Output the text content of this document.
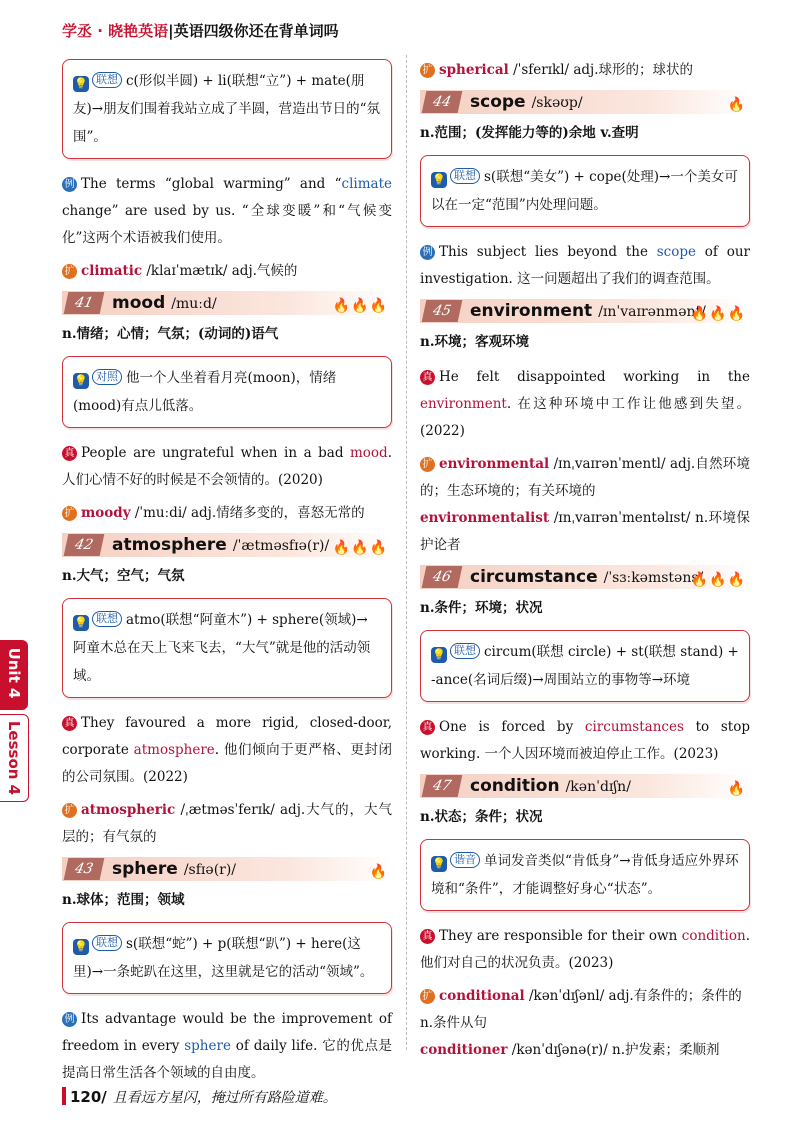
学丞 · 晓艳英语|英语四级你还在背单词吗
💡 联想 c(形似半圆) + li(联想“立”) + mate(朋友)→朋友们围着我站立成了半圆，营造出节日的“氛围”。
例 The terms “global warming” and “climate change” are used by us. “全球变暖”和“气候变化”这两个术语被我们使用。
扩 climatic /klaɪˈmætɪk/ adj.气候的
41	mood /muːd/	🔥🔥🔥
n.情绪；心情；气氛；(动词的)语气
💡 对照 他一个人坐着看月亮(moon)，情绪(mood)有点儿低落。
真 People are ungrateful when in a bad mood. 人们心情不好的时候是不会领情的。(2020)
扩 moody /ˈmuːdi/ adj.情绪多变的，喜怒无常的
42	atmosphere /ˈætməsfɪə(r)/ 🔥🔥🔥
n.大气；空气；气氛
💡 联想 atmo(联想“阿童木”) + sphere(领域)→阿童木总在天上飞来飞去，“大气”就是他的活动领域。
真 They favoured a more rigid, closed-door, corporate atmosphere. 他们倾向于更严格、更封闭的公司氛围。(2022)
扩 atmospheric /ˌætməsˈferɪk/ adj.大气的，大气层的；有气氛的
43	sphere /sfɪə(r)/	🔥
n.球体；范围；领域
💡 联想 s(联想“蛇”) + p(联想“趴”) + here(这里)→一条蛇趴在这里，这里就是它的活动“领域”。
例 Its advantage would be the improvement of freedom in every sphere of daily life. 它的优点是提高日常生活各个领域的自由度。
扩 spherical /ˈsferɪkl/ adj.球形的；球状的
44	scope /skəʊp/	🔥
n.范围；(发挥能力等的)余地 v.查明
💡 联想 s(联想“美女”) + cope(处理)→一个美女可以在一定“范围”内处理问题。
例 This subject lies beyond the scope of our investigation. 这一问题超出了我们的调查范围。
45	environment /ɪnˈvaɪrənmənt/
🔥🔥🔥
n.环境；客观环境
真 He felt disappointed working in the environment. 在这种环境中工作让他感到失望。(2022)
扩 environmental /ɪnˌvaɪrənˈmentl/ adj.自然环境的；生态环境的；有关环境的
environmentalist /ɪnˌvaɪrənˈmentəlɪst/ n.环境保护论者
46	circumstance /ˈsɜːkəmstəns/
🔥🔥🔥
n.条件；环境；状况
💡 联想 circum(联想 circle) + st(联想 stand) + -ance(名词后缀)→周围站立的事物等→环境
真 One is forced by circumstances to stop working. 一个人因环境而被迫停止工作。(2023)
47	condition /kənˈdɪʃn/	🔥
n.状态；条件；状况
💡 谐音 单词发音类似“肯低身”→肯低身适应外界环境和“条件”，才能调整好身心“状态”。
真 They are responsible for their own condition. 他们对自己的状况负责。(2023)
扩 conditional /kənˈdɪʃənl/ adj.有条件的；条件的
n.条件从句
conditioner /kənˈdɪʃənə(r)/ n.护发素；柔顺剂
Unit 4
Lesson 4
120/ 且看远方星闪，掩过所有路险道难。
